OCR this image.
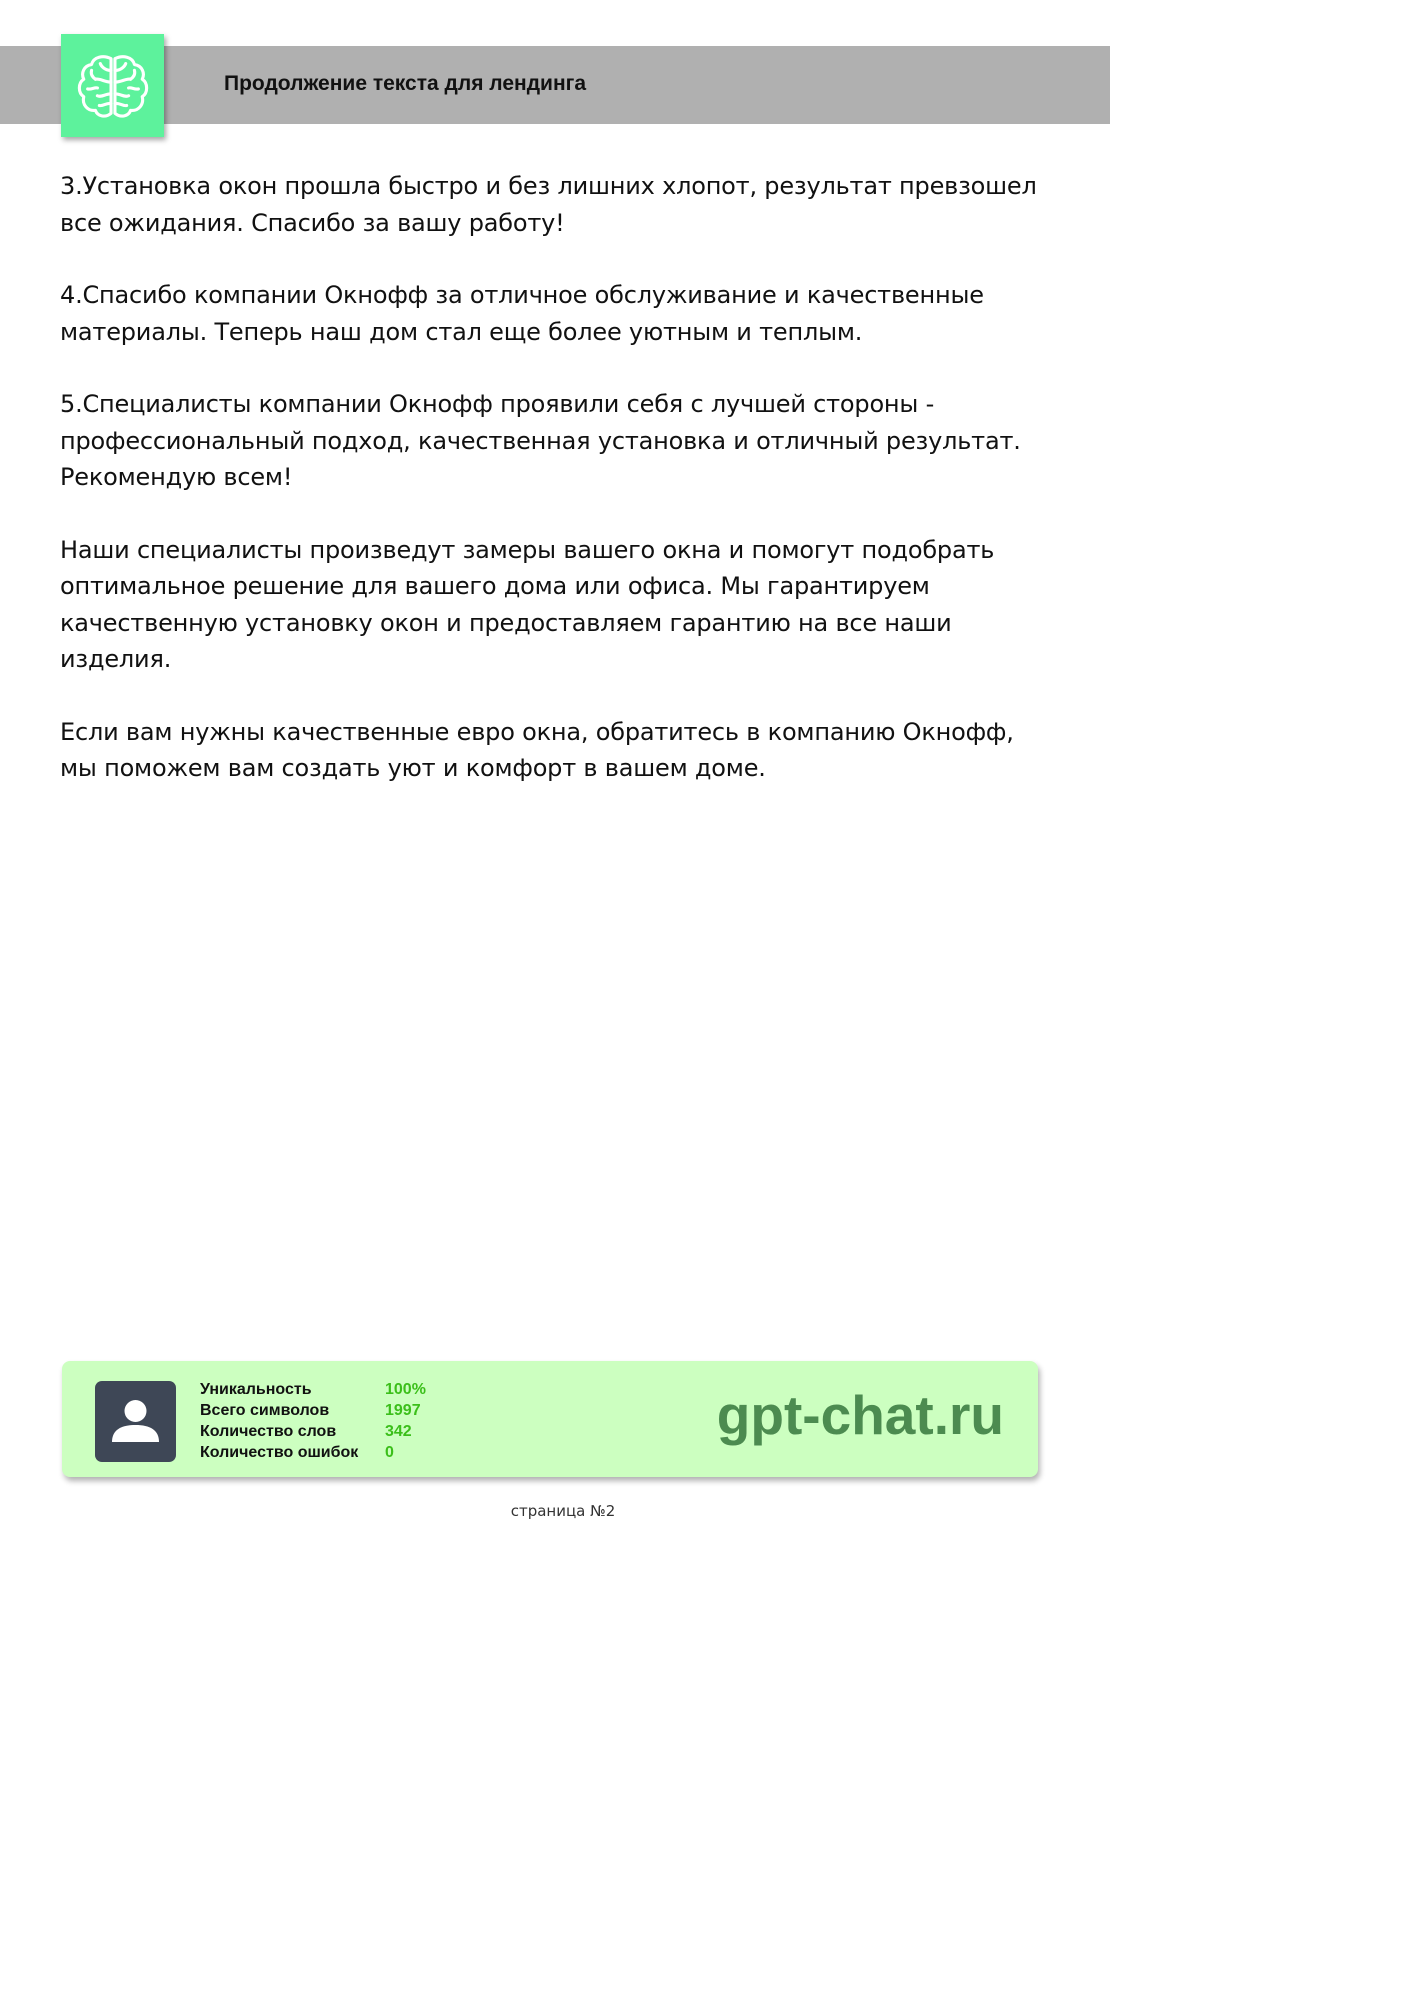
Продолжение текста для лендинга

3.Установка окон прошла быстро и без лишних хлопот, результат превзошел все ожидания. Спасибо за вашу работу!

4.Спасибо компании Окнофф за отличное обслуживание и качественные материалы. Теперь наш дом стал еще более уютным и теплым.

5.Специалисты компании Окнофф проявили себя с лучшей стороны - профессиональный подход, качественная установка и отличный результат. Рекомендую всем!

Наши специалисты произведут замеры вашего окна и помогут подобрать оптимальное решение для вашего дома или офиса. Мы гарантируем качественную установку окон и предоставляем гарантию на все наши изделия.

Если вам нужны качественные евро окна, обратитесь в компанию Окнофф, мы поможем вам создать уют и комфорт в вашем доме.

Уникальность	100%
Всего символов	1997
Количество слов	342
Количество ошибок	0
gpt-chat.ru
страница №2
